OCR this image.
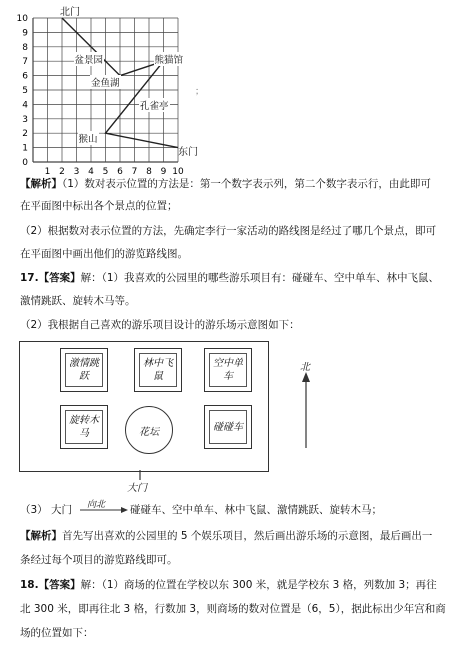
1 2 3 4 5 6 7 8 9 10
0
1
2
3
4
5
6
7
8
9
10
北门
东门
；
盆景园	熊猫馆
金鱼湖
孔雀亭
猴山
【解析】（1）数对表示位置的方法是：第一个数字表示列，第二个数字表示行，由此即可
在平面图中标出各个景点的位置；
（2）根据数对表示位置的方法，先确定李行一家活动的路线图是经过了哪几个景点，即可
在平面图中画出他们的游览路线图。
17.【答案】解：（1）我喜欢的公园里的哪些游乐项目有：碰碰车、空中单车、林中飞鼠、
激情跳跃、旋转木马等。
（2）我根据自己喜欢的游乐项目设计的游乐场示意图如下：
激情跳跃
林中飞鼠
空中单车
旋转木马	花坛	碰碰车
北
大门
（3） 大门 向北 碰碰车、空中单车、林中飞鼠、激情跳跃、旋转木马；
【解析】首先写出喜欢的公园里的 5 个娱乐项目，然后画出游乐场的示意图，最后画出一
条经过每个项目的游览路线即可。
18.【答案】解：（1）商场的位置在学校以东 300 米，就是学校东 3 格，列数加 3；再往
北 300 米，即再往北 3 格，行数加 3，则商场的数对位置是（6，5），据此标出少年宫和商
场的位置如下：
